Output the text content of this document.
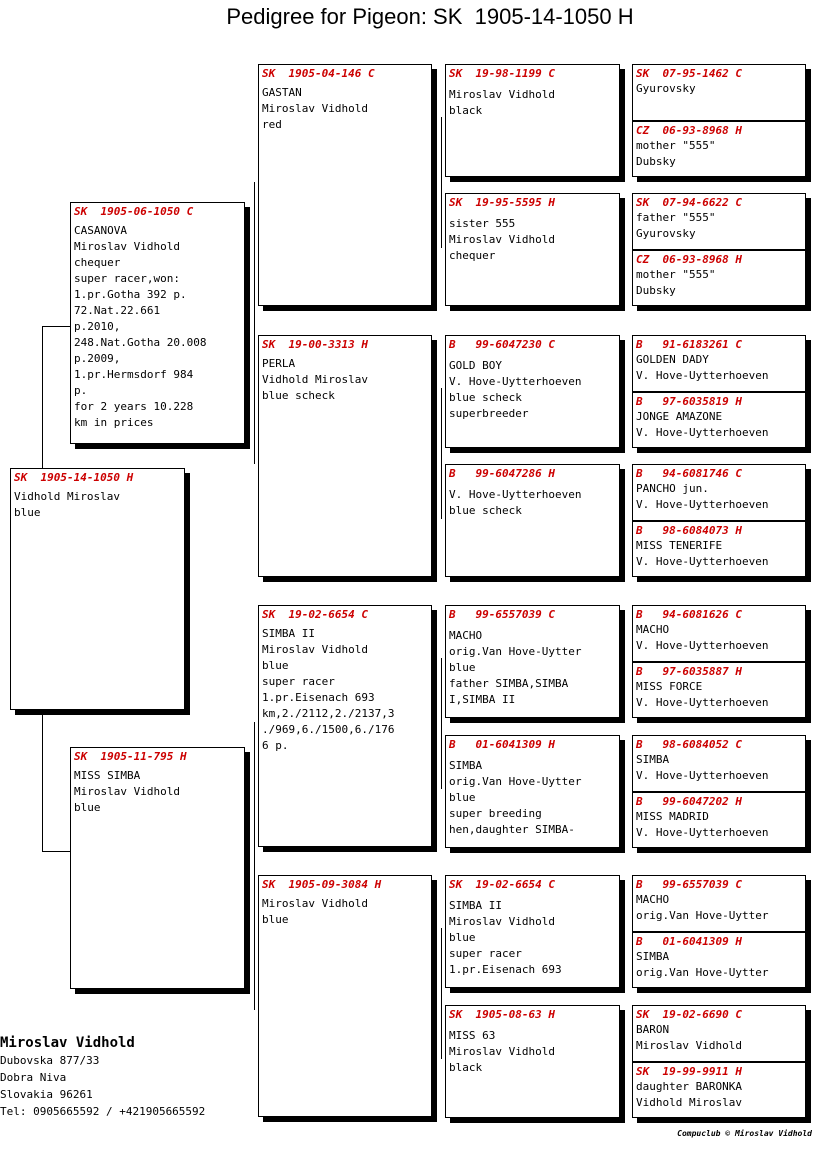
Pedigree for Pigeon: SK  1905-14-1050 H
SK  1905-14-1050 H
Vidhold Miroslav
blue
SK  1905-06-1050 C
CASANOVA
Miroslav Vidhold
chequer
super racer,won:
1.pr.Gotha 392 p.
72.Nat.22.661
p.2010,
248.Nat.Gotha 20.008
p.2009,
1.pr.Hermsdorf 984
p.
for 2 years 10.228
km in prices
SK  1905-11-795 H
MISS SIMBA
Miroslav Vidhold
blue
SK  1905-04-146 C
GASTAN
Miroslav Vidhold
red
SK  19-00-3313 H
PERLA
Vidhold Miroslav
blue scheck
SK  19-02-6654 C
SIMBA II
Miroslav Vidhold
blue
super racer
1.pr.Eisenach 693
km,2./2112,2./2137,3
./969,6./1500,6./176
6 p.
SK  1905-09-3084 H
Miroslav Vidhold
blue
SK  19-98-1199 C
Miroslav Vidhold
black
SK  19-95-5595 H
sister 555
Miroslav Vidhold
chequer
B   99-6047230 C
GOLD BOY
V. Hove-Uytterhoeven
blue scheck
superbreeder
B   99-6047286 H
V. Hove-Uytterhoeven
blue scheck
B   99-6557039 C
MACHO
orig.Van Hove-Uytter
blue
father SIMBA,SIMBA
I,SIMBA II
B   01-6041309 H
SIMBA
orig.Van Hove-Uytter
blue
super breeding
hen,daughter SIMBA-
SK  19-02-6654 C
SIMBA II
Miroslav Vidhold
blue
super racer
1.pr.Eisenach 693
SK  1905-08-63 H
MISS 63
Miroslav Vidhold
black
SK  07-95-1462 C
Gyurovsky
CZ  06-93-8968 H
mother "555"
Dubsky
SK  07-94-6622 C
father "555"
Gyurovsky
CZ  06-93-8968 H
mother "555"
Dubsky
B   91-6183261 C
GOLDEN DADY
V. Hove-Uytterhoeven
B   97-6035819 H
JONGE AMAZONE
V. Hove-Uytterhoeven
B   94-6081746 C
PANCHO jun.
V. Hove-Uytterhoeven
B   98-6084073 H
MISS TENERIFE
V. Hove-Uytterhoeven
B   94-6081626 C
MACHO
V. Hove-Uytterhoeven
B   97-6035887 H
MISS FORCE
V. Hove-Uytterhoeven
B   98-6084052 C
SIMBA
V. Hove-Uytterhoeven
B   99-6047202 H
MISS MADRID
V. Hove-Uytterhoeven
B   99-6557039 C
MACHO
orig.Van Hove-Uytter
B   01-6041309 H
SIMBA
orig.Van Hove-Uytter
SK  19-02-6690 C
BARON
Miroslav Vidhold
SK  19-99-9911 H
daughter BARONKA
Vidhold Miroslav
Miroslav Vidhold
Dubovska 877/33
Dobra Niva
Slovakia 96261
Tel: 0905665592 / +421905665592
Compuclub © Miroslav Vidhold
